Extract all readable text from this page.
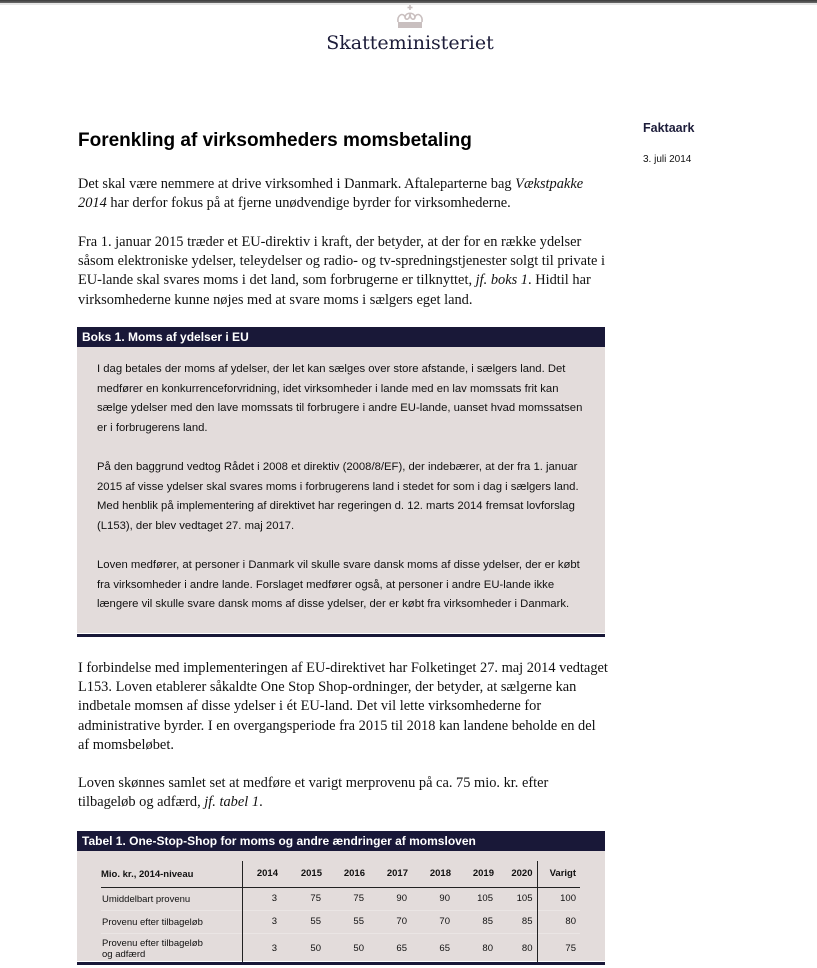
Skatteministeriet
Faktaark
3. juli 2014
Forenkling af virksomheders momsbetaling
Det skal være nemmere at drive virksomhed i Danmark. Aftaleparterne bag Vækstpakke 2014 har derfor fokus på at fjerne unødvendige byrder for virksomhederne.
Fra 1. januar 2015 træder et EU-direktiv i kraft, der betyder, at der for en række ydelser såsom elektroniske ydelser, teleydelser og radio- og tv-spredningstjenester solgt til private i EU-lande skal svares moms i det land, som forbrugerne er tilknyttet, jf. boks 1. Hidtil har virksomhederne kunne nøjes med at svare moms i sælgers eget land.
Boks 1. Moms af ydelser i EU

I dag betales der moms af ydelser, der let kan sælges over store afstande, i sælgers land. Det medfører en konkurrenceforvridning, idet virksomheder i lande med en lav momssats frit kan sælge ydelser med den lave momssats til forbrugere i andre EU-lande, uanset hvad momssatsen er i forbrugerens land.

På den baggrund vedtog Rådet i 2008 et direktiv (2008/8/EF), der indebærer, at der fra 1. januar 2015 af visse ydelser skal svares moms i forbrugerens land i stedet for som i dag i sælgers land. Med henblik på implementering af direktivet har regeringen d. 12. marts 2014 fremsat lovforslag (L153), der blev vedtaget 27. maj 2017.

Loven medfører, at personer i Danmark vil skulle svare dansk moms af disse ydelser, der er købt fra virksomheder i andre lande. Forslaget medfører også, at personer i andre EU-lande ikke længere vil skulle svare dansk moms af disse ydelser, der er købt fra virksomheder i Danmark.

I forbindelse med implementeringen af EU-direktivet har Folketinget 27. maj 2014 vedtaget L153. Loven etablerer såkaldte One Stop Shop-ordninger, der betyder, at sælgerne kan indbetale momsen af disse ydelser i ét EU-land. Det vil lette virksomhederne for administrative byrder. I en overgangsperiode fra 2015 til 2018 kan landene beholde en del af momsbeløbet.
Loven skønnes samlet set at medføre et varigt merprovenu på ca. 75 mio. kr. efter tilbageløb og adfærd, jf. tabel 1.
Tabel 1. One-Stop-Shop for moms og andre ændringer af momsloven
Mio. kr., 2014-niveau	2014	2015	2016	2017	2018	2019	2020	Varigt
Umiddelbart provenu	3	75	75	90	90	105	105	100
Provenu efter tilbageløb	3	55	55	70	70	85	85	80
Provenu efter tilbageløb og adfærd	3	50	50	65	65	80	80	75
